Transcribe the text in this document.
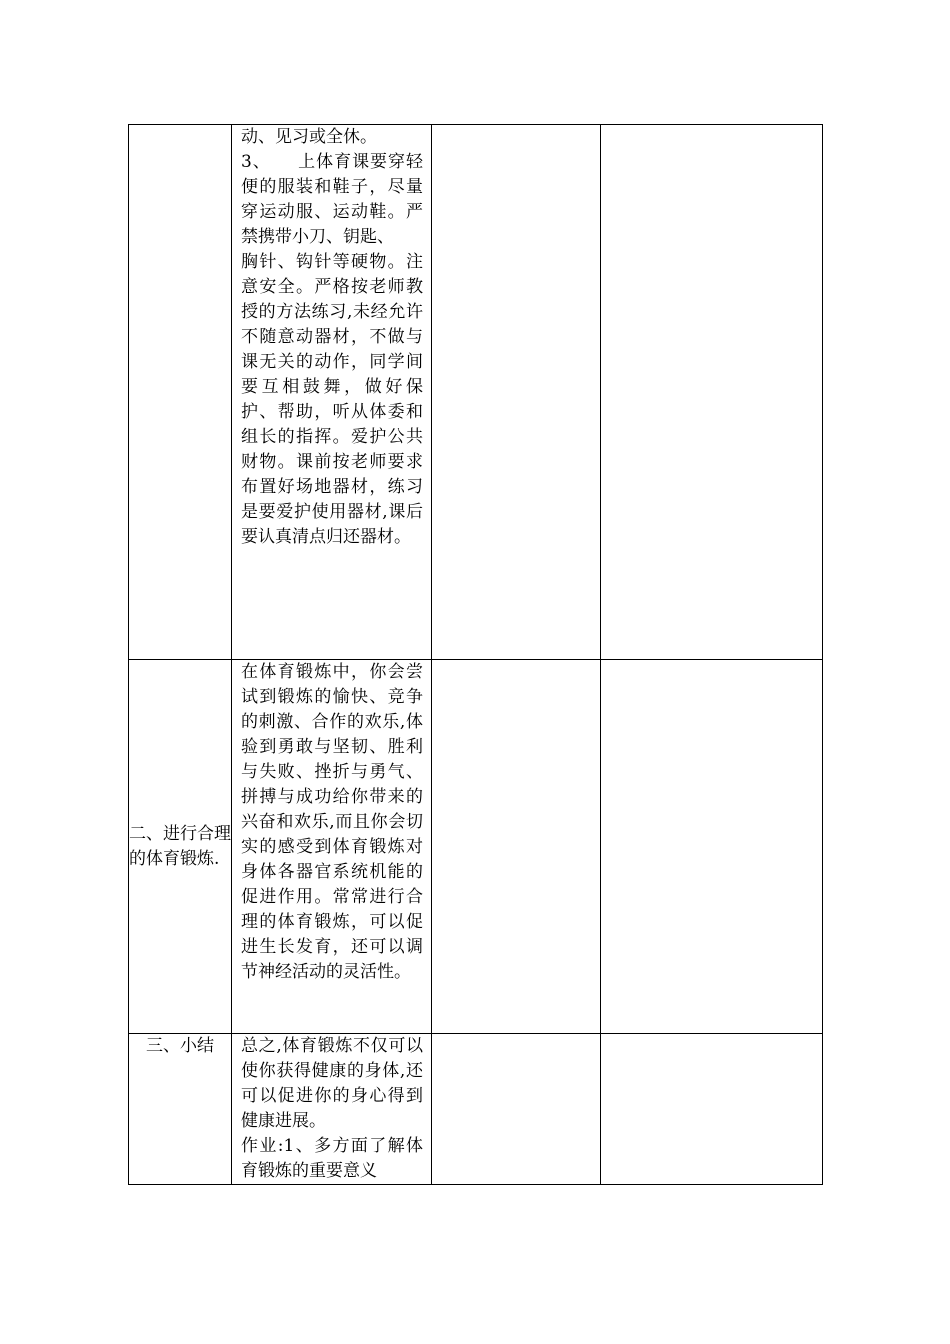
	动、见习或全休。

3、　　上体育课要穿轻便的服装和鞋子，尽量穿运动服、运动鞋。严禁携带小刀、钥匙、

胸针、钩针等硬物。注意安全。严格按老师教授的方法练习,未经允许不随意动器材，不做与课无关的动作，同学间要互相鼓舞，做好保护、帮助，听从体委和组长的指挥。爱护公共财物。课前按老师要求布置好场地器材，练习是要爱护使用器材,课后要认真清点归还器材。		

二、进行合理的体育锻炼.	在体育锻炼中，你会尝试到锻炼的愉快、竞争的刺激、合作的欢乐,体验到勇敢与坚韧、胜利与失败、挫折与勇气、拼搏与成功给你带来的兴奋和欢乐,而且你会切实的感受到体育锻炼对身体各器官系统机能的促进作用。常常进行合理的体育锻炼，可以促进生长发育，还可以调节神经活动的灵活性。		

三、小结	总之,体育锻炼不仅可以使你获得健康的身体,还可以促进你的身心得到健康进展。

作业:1、多方面了解体育锻炼的重要意义		
